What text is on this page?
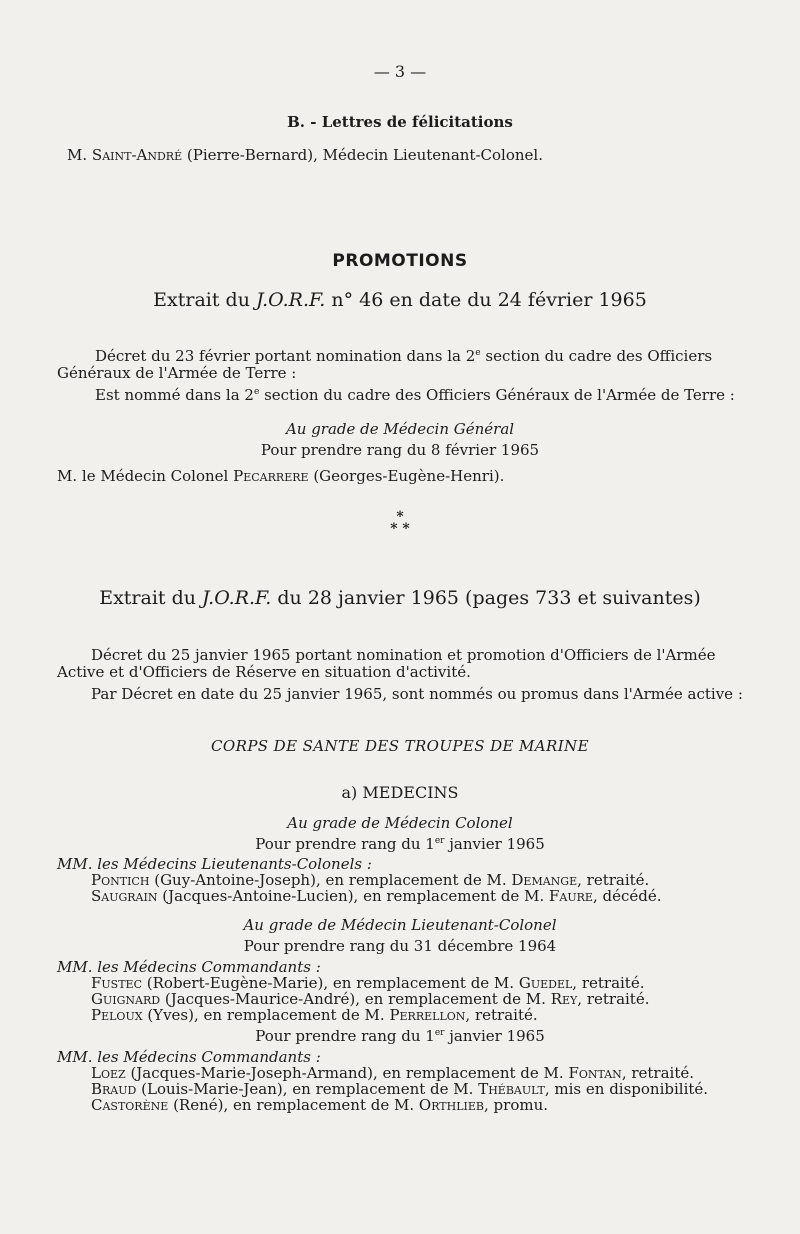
— 3 —
B. - Lettres de félicitations
M. Saint-André (Pierre-Bernard), Médecin Lieutenant-Colonel.
PROMOTIONS
Extrait du J.O.R.F. n° 46 en date du 24 février 1965
Décret du 23 février portant nomination dans la 2e section du cadre des Officiers
Généraux de l'Armée de Terre :
Est nommé dans la 2e section du cadre des Officiers Généraux de l'Armée de Terre :
Au grade de Médecin Général
Pour prendre rang du 8 février 1965
M. le Médecin Colonel Pecarrere (Georges-Eugène-Henri).
*
* *
Extrait du J.O.R.F. du 28 janvier 1965 (pages 733 et suivantes)
Décret du 25 janvier 1965 portant nomination et promotion d'Officiers de l'Armée
Active et d'Officiers de Réserve en situation d'activité.
Par Décret en date du 25 janvier 1965, sont nommés ou promus dans l'Armée active :
CORPS DE SANTE DES TROUPES DE MARINE
a) MEDECINS
Au grade de Médecin Colonel
Pour prendre rang du 1er janvier 1965
MM. les Médecins Lieutenants-Colonels :
Pontich (Guy-Antoine-Joseph), en remplacement de M. Demange, retraité.
Saugrain (Jacques-Antoine-Lucien), en remplacement de M. Faure, décédé.
Au grade de Médecin Lieutenant-Colonel
Pour prendre rang du 31 décembre 1964
MM. les Médecins Commandants :
Fustec (Robert-Eugène-Marie), en remplacement de M. Guedel, retraité.
Guignard (Jacques-Maurice-André), en remplacement de M. Rey, retraité.
Peloux (Yves), en remplacement de M. Perrellon, retraité.
Pour prendre rang du 1er janvier 1965
MM. les Médecins Commandants :
Loez (Jacques-Marie-Joseph-Armand), en remplacement de M. Fontan, retraité.
Braud (Louis-Marie-Jean), en remplacement de M. Thébault, mis en disponibilité.
Castorène (René), en remplacement de M. Orthlieb, promu.
